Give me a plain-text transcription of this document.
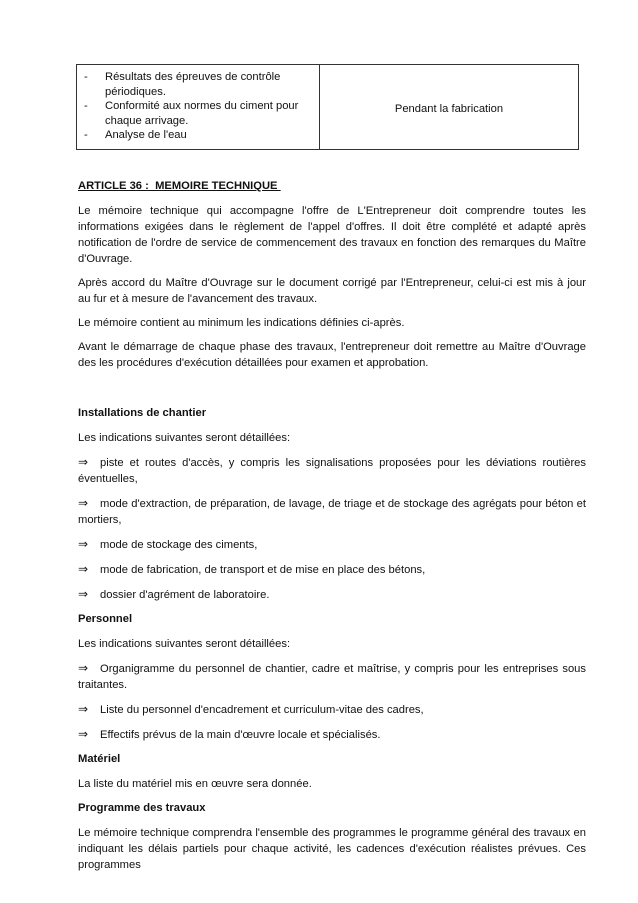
- Résultats des épreuves de contrôle périodiques.
- Conformité aux normes du ciment pour chaque arrivage.
- Analyse de l'eau
Pendant la fabrication
ARTICLE 36 :  MEMOIRE TECHNIQUE

Le mémoire technique qui accompagne l'offre de L'Entrepreneur doit comprendre toutes les informations exigées dans le règlement de l'appel d'offres. Il doit être complété et adapté après notification de l'ordre de service de commencement des travaux en fonction des remarques du Maître d'Ouvrage.

Après accord du Maître d'Ouvrage sur le document corrigé par l'Entrepreneur, celui-ci est mis à jour au fur et à mesure de l'avancement des travaux.

Le mémoire contient au minimum les indications définies ci-après.

Avant le démarrage de chaque phase des travaux, l'entrepreneur doit remettre au Maître d'Ouvrage des les procédures d'exécution détaillées pour examen et approbation.

Installations de chantier

Les indications suivantes seront détaillées:

⇒ piste et routes d'accès, y compris les signalisations proposées pour les déviations routières éventuelles,
⇒ mode d'extraction, de préparation, de lavage, de triage et de stockage des agrégats pour béton et mortiers,
⇒ mode de stockage des ciments,
⇒ mode de fabrication, de transport et de mise en place des bétons,
⇒ dossier d'agrément de laboratoire.
Personnel

Les indications suivantes seront détaillées:

⇒ Organigramme du personnel de chantier, cadre et maîtrise, y compris pour les entreprises sous traitantes.
⇒ Liste du personnel d'encadrement et curriculum-vitae des cadres,
⇒ Effectifs prévus de la main d'œuvre locale et spécialisés.
Matériel

La liste du matériel mis en œuvre sera donnée.

Programme des travaux

Le mémoire technique comprendra l'ensemble des programmes le programme général des travaux en indiquant les délais partiels pour chaque activité, les cadences d'exécution réalistes prévues. Ces programmes
